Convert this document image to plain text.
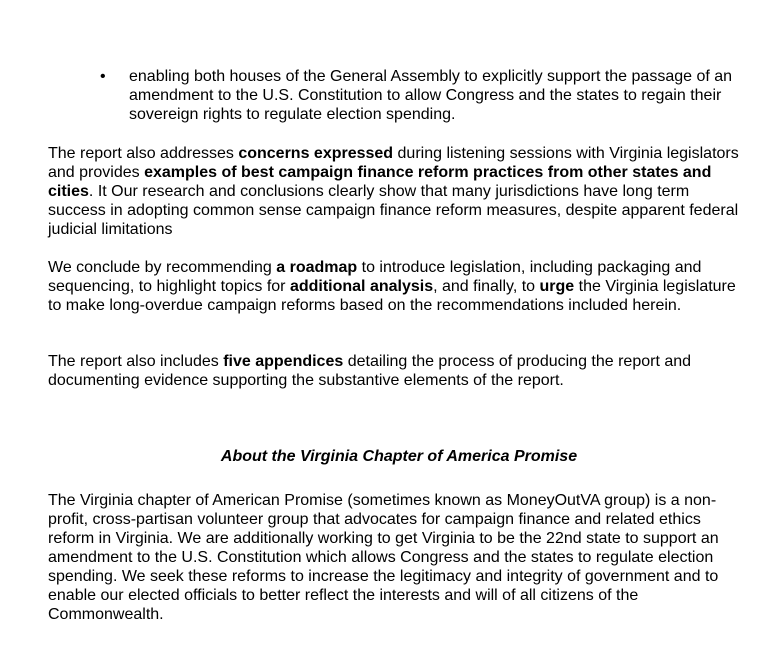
•	enabling both houses of the General Assembly to explicitly support the passage of an amendment to the U.S. Constitution to allow Congress and the states to regain their sovereign rights to regulate election spending.

The report also addresses concerns expressed during listening sessions with Virginia legislators and provides examples of best campaign finance reform practices from other states and cities. It Our research and conclusions clearly show that many jurisdictions have long term success in adopting common sense campaign finance reform measures, despite apparent federal judicial limitations

We conclude by recommending a roadmap to introduce legislation, including packaging and sequencing, to highlight topics for additional analysis, and finally, to urge the Virginia legislature to make long-overdue campaign reforms based on the recommendations included herein.

The report also includes five appendices detailing the process of producing the report and documenting evidence supporting the substantive elements of the report.

About the Virginia Chapter of America Promise

The Virginia chapter of American Promise (sometimes known as MoneyOutVA group) is a non-profit, cross-partisan volunteer group that advocates for campaign finance and related ethics reform in Virginia. We are additionally working to get Virginia to be the 22nd state to support an amendment to the U.S. Constitution which allows Congress and the states to regulate election spending. We seek these reforms to increase the legitimacy and integrity of government and to enable our elected officials to better reflect the interests and will of all citizens of the Commonwealth.
